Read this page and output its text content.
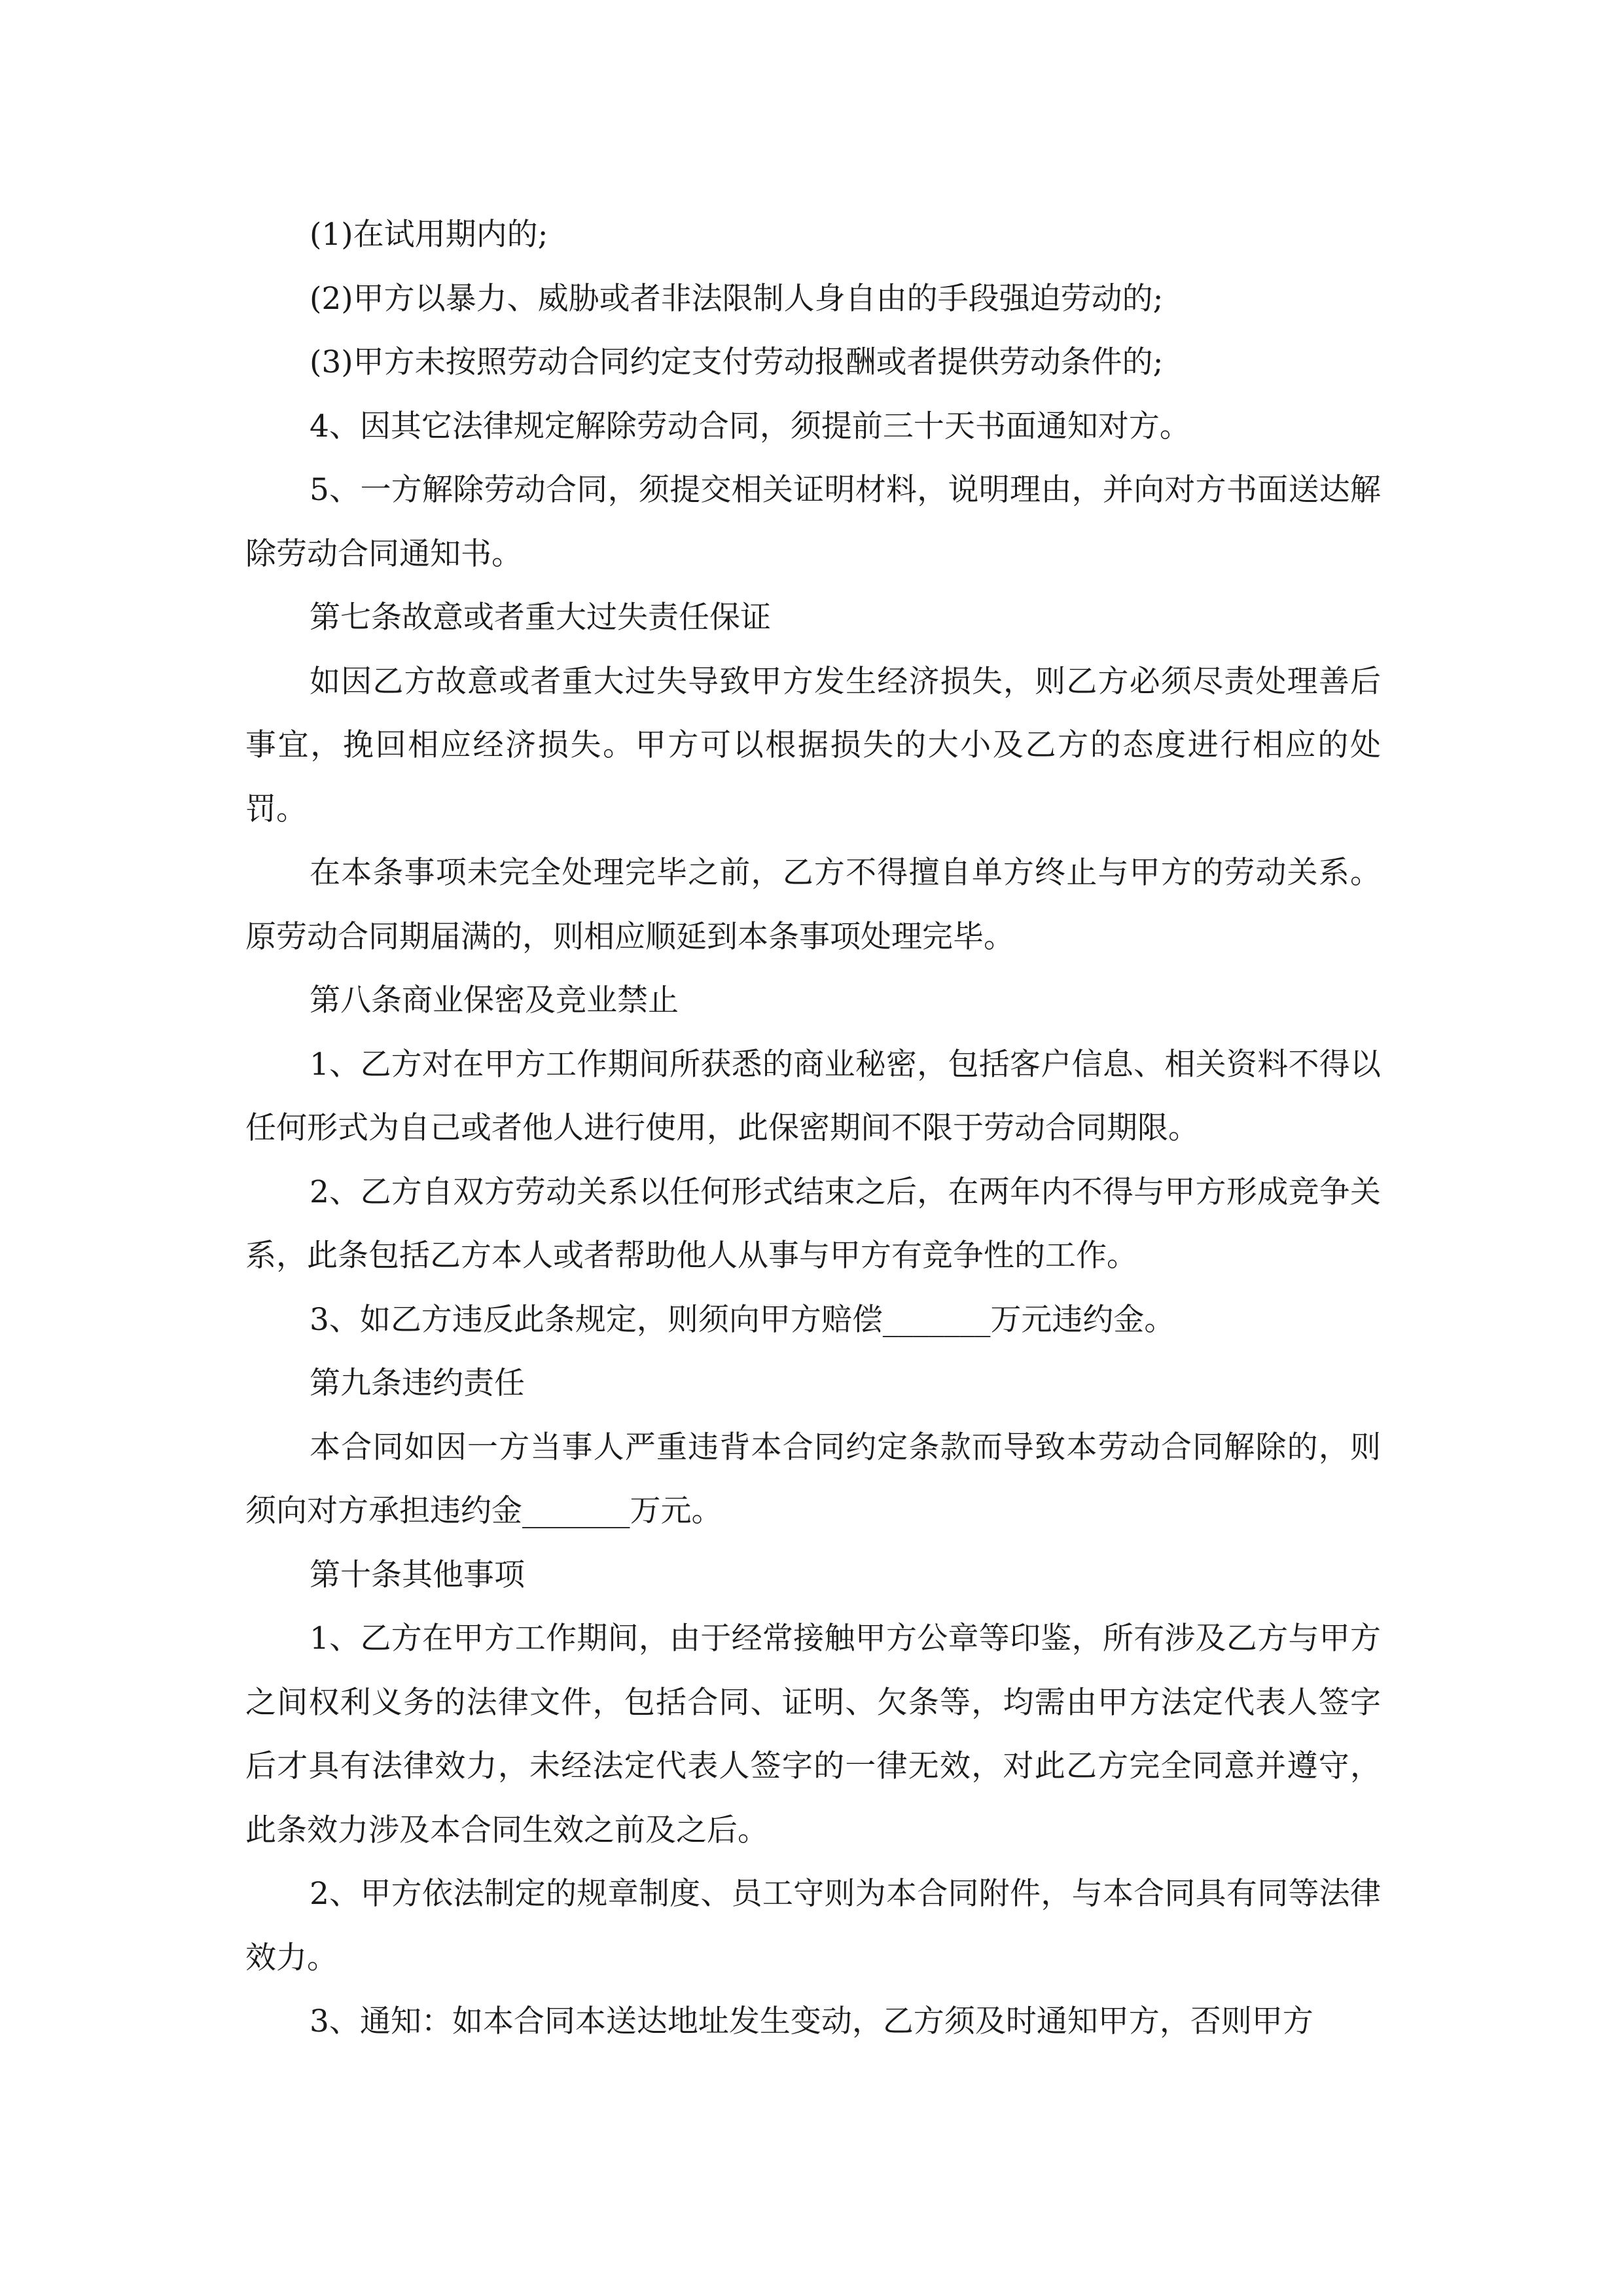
(1)在试用期内的;

(2)甲方以暴力、威胁或者非法限制人身自由的手段强迫劳动的;

(3)甲方未按照劳动合同约定支付劳动报酬或者提供劳动条件的;

4、因其它法律规定解除劳动合同，须提前三十天书面通知对方。

5、一方解除劳动合同，须提交相关证明材料，说明理由，并向对方书面送达解除劳动合同通知书。

第七条故意或者重大过失责任保证

如因乙方故意或者重大过失导致甲方发生经济损失，则乙方必须尽责处理善后事宜，挽回相应经济损失。甲方可以根据损失的大小及乙方的态度进行相应的处罚。

在本条事项未完全处理完毕之前，乙方不得擅自单方终止与甲方的劳动关系。原劳动合同期届满的，则相应顺延到本条事项处理完毕。

第八条商业保密及竞业禁止

1、乙方对在甲方工作期间所获悉的商业秘密，包括客户信息、相关资料不得以任何形式为自己或者他人进行使用，此保密期间不限于劳动合同期限。

2、乙方自双方劳动关系以任何形式结束之后，在两年内不得与甲方形成竞争关系，此条包括乙方本人或者帮助他人从事与甲方有竞争性的工作。

3、如乙方违反此条规定，则须向甲方赔偿_______万元违约金。

第九条违约责任

本合同如因一方当事人严重违背本合同约定条款而导致本劳动合同解除的，则须向对方承担违约金_______万元。

第十条其他事项

1、乙方在甲方工作期间，由于经常接触甲方公章等印鉴，所有涉及乙方与甲方之间权利义务的法律文件，包括合同、证明、欠条等，均需由甲方法定代表人签字后才具有法律效力，未经法定代表人签字的一律无效，对此乙方完全同意并遵守，此条效力涉及本合同生效之前及之后。

2、甲方依法制定的规章制度、员工守则为本合同附件，与本合同具有同等法律效力。

3、通知：如本合同本送达地址发生变动，乙方须及时通知甲方，否则甲方
